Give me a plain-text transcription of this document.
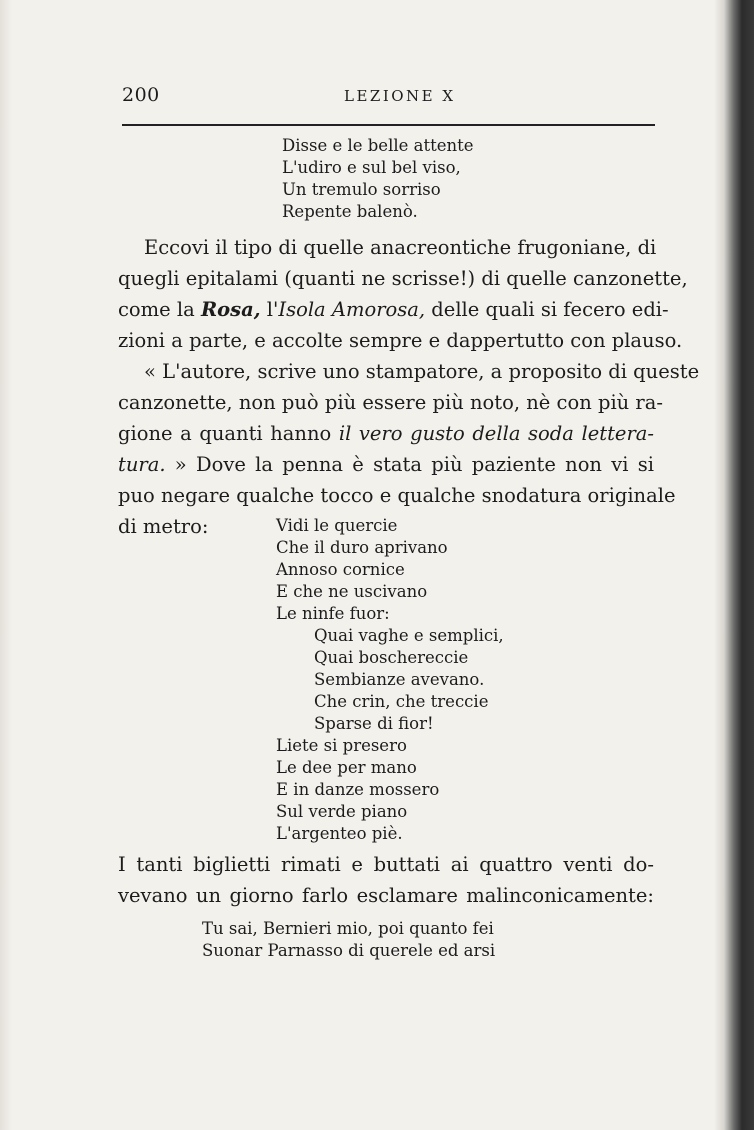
200	LEZIONE X
Disse e le belle attente
L'udiro e sul bel viso,
Un tremulo sorriso
Repente balenò.
Eccovi il tipo di quelle anacreontiche frugoniane, di
quegli epitalami (quanti ne scrisse!) di quelle canzonette,
come la Rosa, l'Isola Amorosa, delle quali si fecero edi-
zioni a parte, e accolte sempre e dappertutto con plauso.
« L'autore, scrive uno stampatore, a proposito di queste
canzonette, non può più essere più noto, nè con più ra-
gione a quanti hanno il vero gusto della soda lettera-
tura. » Dove la penna è stata più paziente non vi si
puo negare qualche tocco e qualche snodatura originale
di metro:	Vidi le quercie
Che il duro aprivano
Annoso cornice
E che ne uscivano
Le ninfe fuor:
Quai vaghe e semplici,
Quai boschereccie
Sembianze avevano.
Che crin, che treccie
Sparse di fior!
Liete si presero
Le dee per mano
E in danze mossero
Sul verde piano
L'argenteo piè.
I tanti biglietti rimati e buttati ai quattro venti do-
vevano un giorno farlo esclamare malinconicamente:
Tu sai, Bernieri mio, poi quanto fei
Suonar Parnasso di querele ed arsi
